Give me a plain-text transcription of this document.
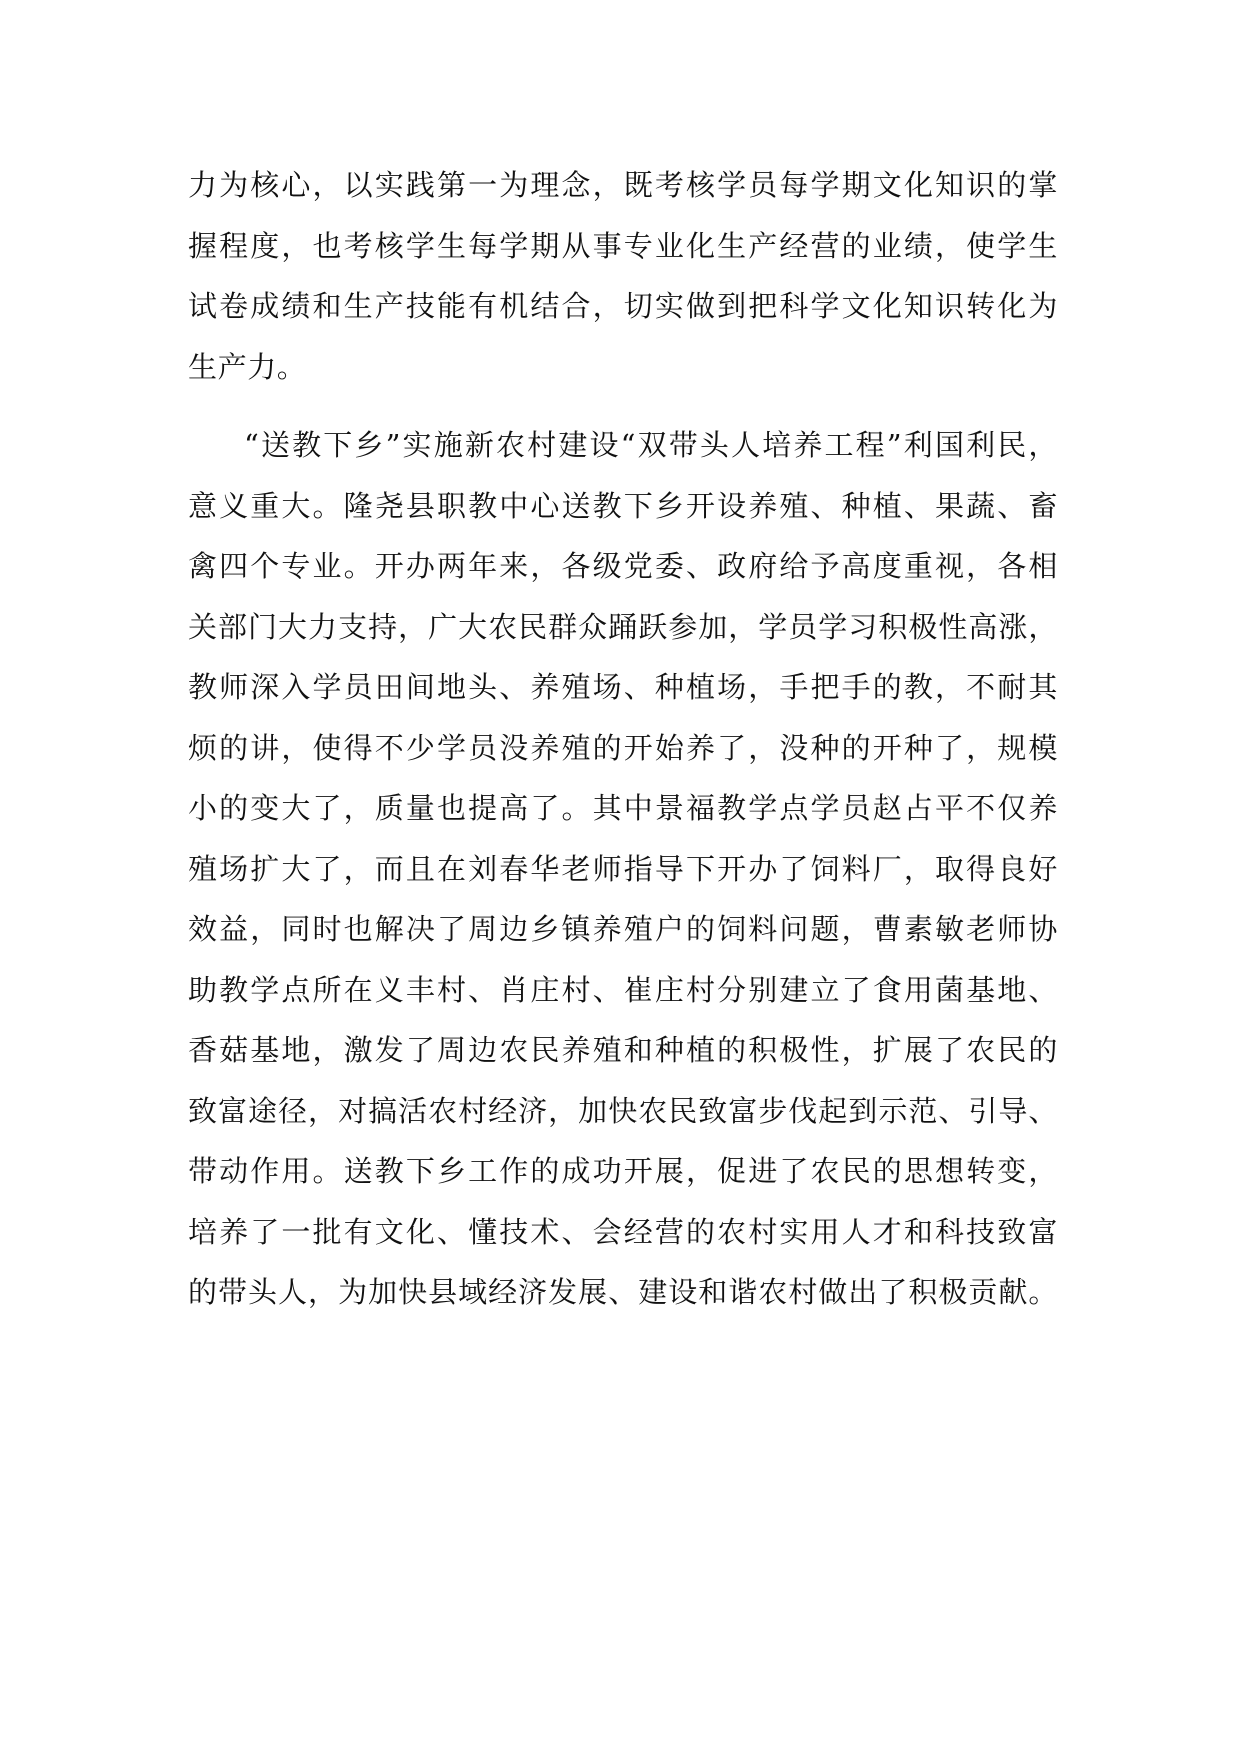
力为核心，以实践第一为理念，既考核学员每学期文化知识的掌
握程度，也考核学生每学期从事专业化生产经营的业绩，使学生
试卷成绩和生产技能有机结合，切实做到把科学文化知识转化为
生产力。
“送教下乡”实施新农村建设“双带头人培养工程”利国利民，
意义重大。隆尧县职教中心送教下乡开设养殖、种植、果蔬、畜
禽四个专业。开办两年来，各级党委、政府给予高度重视，各相
关部门大力支持，广大农民群众踊跃参加，学员学习积极性高涨，
教师深入学员田间地头、养殖场、种植场，手把手的教，不耐其
烦的讲，使得不少学员没养殖的开始养了，没种的开种了，规模
小的变大了，质量也提高了。其中景福教学点学员赵占平不仅养
殖场扩大了，而且在刘春华老师指导下开办了饲料厂，取得良好
效益，同时也解决了周边乡镇养殖户的饲料问题，曹素敏老师协
助教学点所在义丰村、肖庄村、崔庄村分别建立了食用菌基地、
香菇基地，激发了周边农民养殖和种植的积极性，扩展了农民的
致富途径，对搞活农村经济，加快农民致富步伐起到示范、引导、
带动作用。送教下乡工作的成功开展，促进了农民的思想转变，
培养了一批有文化、懂技术、会经营的农村实用人才和科技致富
的带头人，为加快县域经济发展、建设和谐农村做出了积极贡献。
